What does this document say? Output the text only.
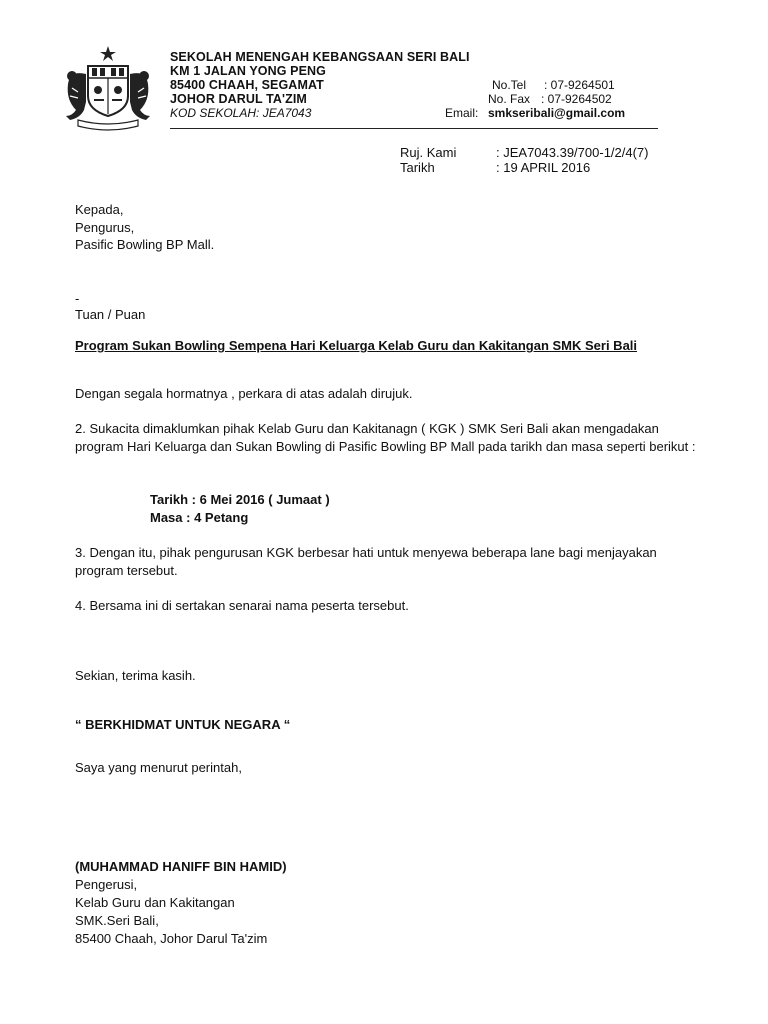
SEKOLAH MENENGAH KEBANGSAAN SERI BALI
KM 1 JALAN YONG PENG
85400 CHAAH, SEGAMAT
JOHOR DARUL TA'ZIM
KOD SEKOLAH: JEA7043
No.Tel : 07-9264501
No. Fax : 07-9264502
Email: smkseribali@gmail.com
Ruj. Kami	: JEA7043.39/700-1/2/4(7)
Tarikh	: 19 APRIL 2016
Kepada,
Pengurus,
Pasific Bowling BP Mall.
-
Tuan / Puan
Program Sukan Bowling Sempena Hari Keluarga Kelab Guru dan Kakitangan SMK Seri Bali
Dengan segala hormatnya , perkara di atas adalah dirujuk.
2. Sukacita dimaklumkan pihak Kelab Guru dan Kakitanagn ( KGK ) SMK Seri Bali akan mengadakan program Hari Keluarga dan Sukan Bowling di Pasific Bowling BP Mall pada tarikh dan masa seperti berikut :
Tarikh : 6 Mei 2016 ( Jumaat )
Masa : 4 Petang
3. Dengan itu, pihak pengurusan KGK berbesar hati untuk menyewa beberapa lane bagi menjayakan program tersebut.
4. Bersama ini di sertakan senarai nama peserta tersebut.
Sekian, terima kasih.
“ BERKHIDMAT UNTUK NEGARA “
Saya yang menurut perintah,
(MUHAMMAD HANIFF BIN HAMID)
Pengerusi,
Kelab Guru dan Kakitangan
SMK.Seri Bali,
85400 Chaah, Johor Darul Ta'zim
